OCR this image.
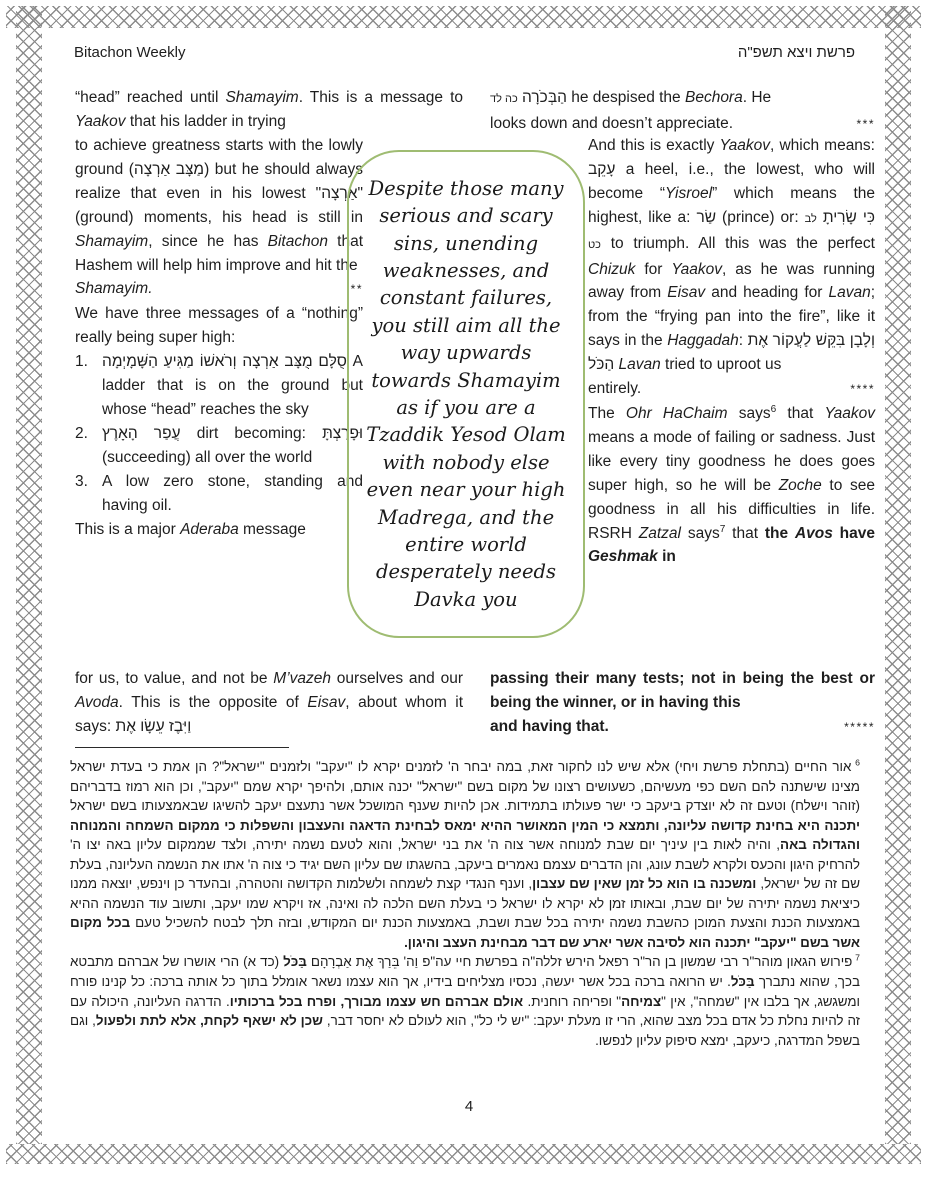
Bitachon Weekly	פרשת ויצא תשפ"ה
“head” reached until Shamayim. This is a message to Yaakov that his ladder in trying
to achieve greatness starts with the lowly ground (מַצָּב אַרְצָה) but he should always realize that even in his lowest "אַרְצָה" (ground) moments, his head is still in Shamayim, since he has Bitachon that Hashem will help him improve and hit the
Shamayim.	**
We have three messages of a “nothing” really being super high:
1. סֻלָּם מֻצָּב אַרְצָה וְרֹאשׁוֹ מַגִּיעַ הַשָּׁמָיְמָה A ladder that is on the ground but whose “head” reaches the sky
2. עֲפַר הָאָרֶץ dirt becoming: וּפָרַצְתָּ (succeeding) all over the world
3. A low zero stone, standing and having oil.
This is a major Aderaba message
for us, to value, and not be M’vazeh ourselves and our Avoda. This is the opposite of Eisav, about whom it says: וַיִּבֶז עֵשָׂו אֶת
Despite those many serious and scary sins, unending weaknesses, and constant failures, you still aim all the way upwards towards Shamayim as if you are a Tzaddik Yesod Olam with nobody else even near your high Madrega, and the entire world desperately needs Davka you
הַבְּכֹרָה כה לד	he despised the Bechora. He
looks down and doesn’t appreciate.	***
And this is exactly Yaakov, which means: עָקֵב a heel, i.e., the lowest, who will become “Yisroel” which means the highest, like a: שַׂר (prince) or: כִּי שָׂרִיתָ לב כט to triumph. All this was the perfect Chizuk for Yaakov, as he was running away from Eisav and heading for Lavan; from the “frying pan into the fire”, like it says in the Haggadah: וְלָבָן בִּקֵּשׁ לַעֲקוֹר אֶת הַכֹּל Lavan tried to uproot us
entirely.	****
The Ohr HaChaim says$^6$ that Yaakov means a mode of failing or sadness. Just like every tiny goodness he does goes super high, so he will be Zoche to see goodness in all his difficulties in life. RSRH Zatzal says$^7$ that the Avos have Geshmak in
passing their many tests; not in being the best or being the winner, or in having this
and having that.	*****

$^6$ אור החיים (בתחלת פרשת ויחי) אלא שיש לנו לחקור זאת, במה יבחר ה' לזמנים יקרא לו "יעקב" ולזמנים "ישראל"? הן אמת כי בעדת ישראל מצינו שישתנה להם השם כפי מעשיהם, כשעושים רצונו של מקום בשם "ישראל" יכנה אותם, ולהיפך יקרא שמם "יעקב", וכן הוא רמוז בדבריהם (זוהר וישלח) וטעם זה לא יוצדק ביעקב כי ישר פעולתו בתמידות. אכן להיות שענף המושכל אשר נתעצם יעקב להשיגו שבאמצעותו בשם ישראל יתכנה היא בחינת קדושה עליונה, ותמצא כי המין המאושר ההיא ימאס לבחינת הדאגה והעצבון והשפלות כי ממקום השמחה והמנוחה והגדולה באה, והיה לאות בין עיניך יום שבת למנוחה אשר צוה ה' את בני ישראל, והוא לטעם נשמה יתירה, ולצד שממקום עליון באה יצו ה' להרחיק היגון והכעס ולקרא לשבת עונג, והן הדברים עצמם נאמרים ביעקב, בהשגתו שם עליון השם יגיד כי צוה ה' אתו את הנשמה העליונה, בעלת שם זה של ישראל, ומשכנה בו הוא כל זמן שאין שם עצבון, וענף הנגדי קצת לשמחה ולשלמות הקדושה והטהרה, ובהעדר כן וינפש, יוצאה ממנו כיציאת נשמה יתירה של יום שבת, ובאותו זמן לא יקרא לו ישראל כי בעלת השם הלכה לה ואינה, אז ויקרא שמו יעקב, ותשוב עוד הנשמה ההיא באמצעות הכנת והצעת המוכן כהשבת נשמה יתירה בכל שבת ושבת, באמצעות הכנת יום המקודש, ובזה תלך לבטח להשכיל טעם בכל מקום אשר בשם "יעקב" יתכנה הוא לסיבה אשר יארע שם דבר מבחינת העצב והיגון.

$^7$ פירוש הגאון מוהר"ר רבי שמשון בן הר"ר רפאל הירש זללה"ה בפרשת חיי עה"פ וַה' בֵּרַךְ אֶת אַבְרָהָם בַּכֹּל (כד א) הרי אושרו של אברהם מתבטא בכך, שהוא נתברך בַּכֹּל. יש הרואה ברכה בכל אשר יעשה, נכסיו מצליחים בידיו, אך הוא עצמו נשאר אומלל בתוך כל אותה ברכה: כל קנינו פורח ומשגשג, אך בלבו אין "שמחה", אין "צמיחה" ופריחה רוחנית. אולם אברהם חש עצמו מבורך, ופרח בכל ברכותיו. הדרגה העליונה, היכולה עם זה להיות נחלת כל אדם בכל מצב שהוא, הרי זו מעלת יעקב: "יש לי כל", הוא לעולם לא יחסר דבר, שכן לא ישאף לקחת, אלא לתת ולפעול, וגם בשפל המדרגה, כיעקב, ימצא סיפוק עליון לנפשו.

4
